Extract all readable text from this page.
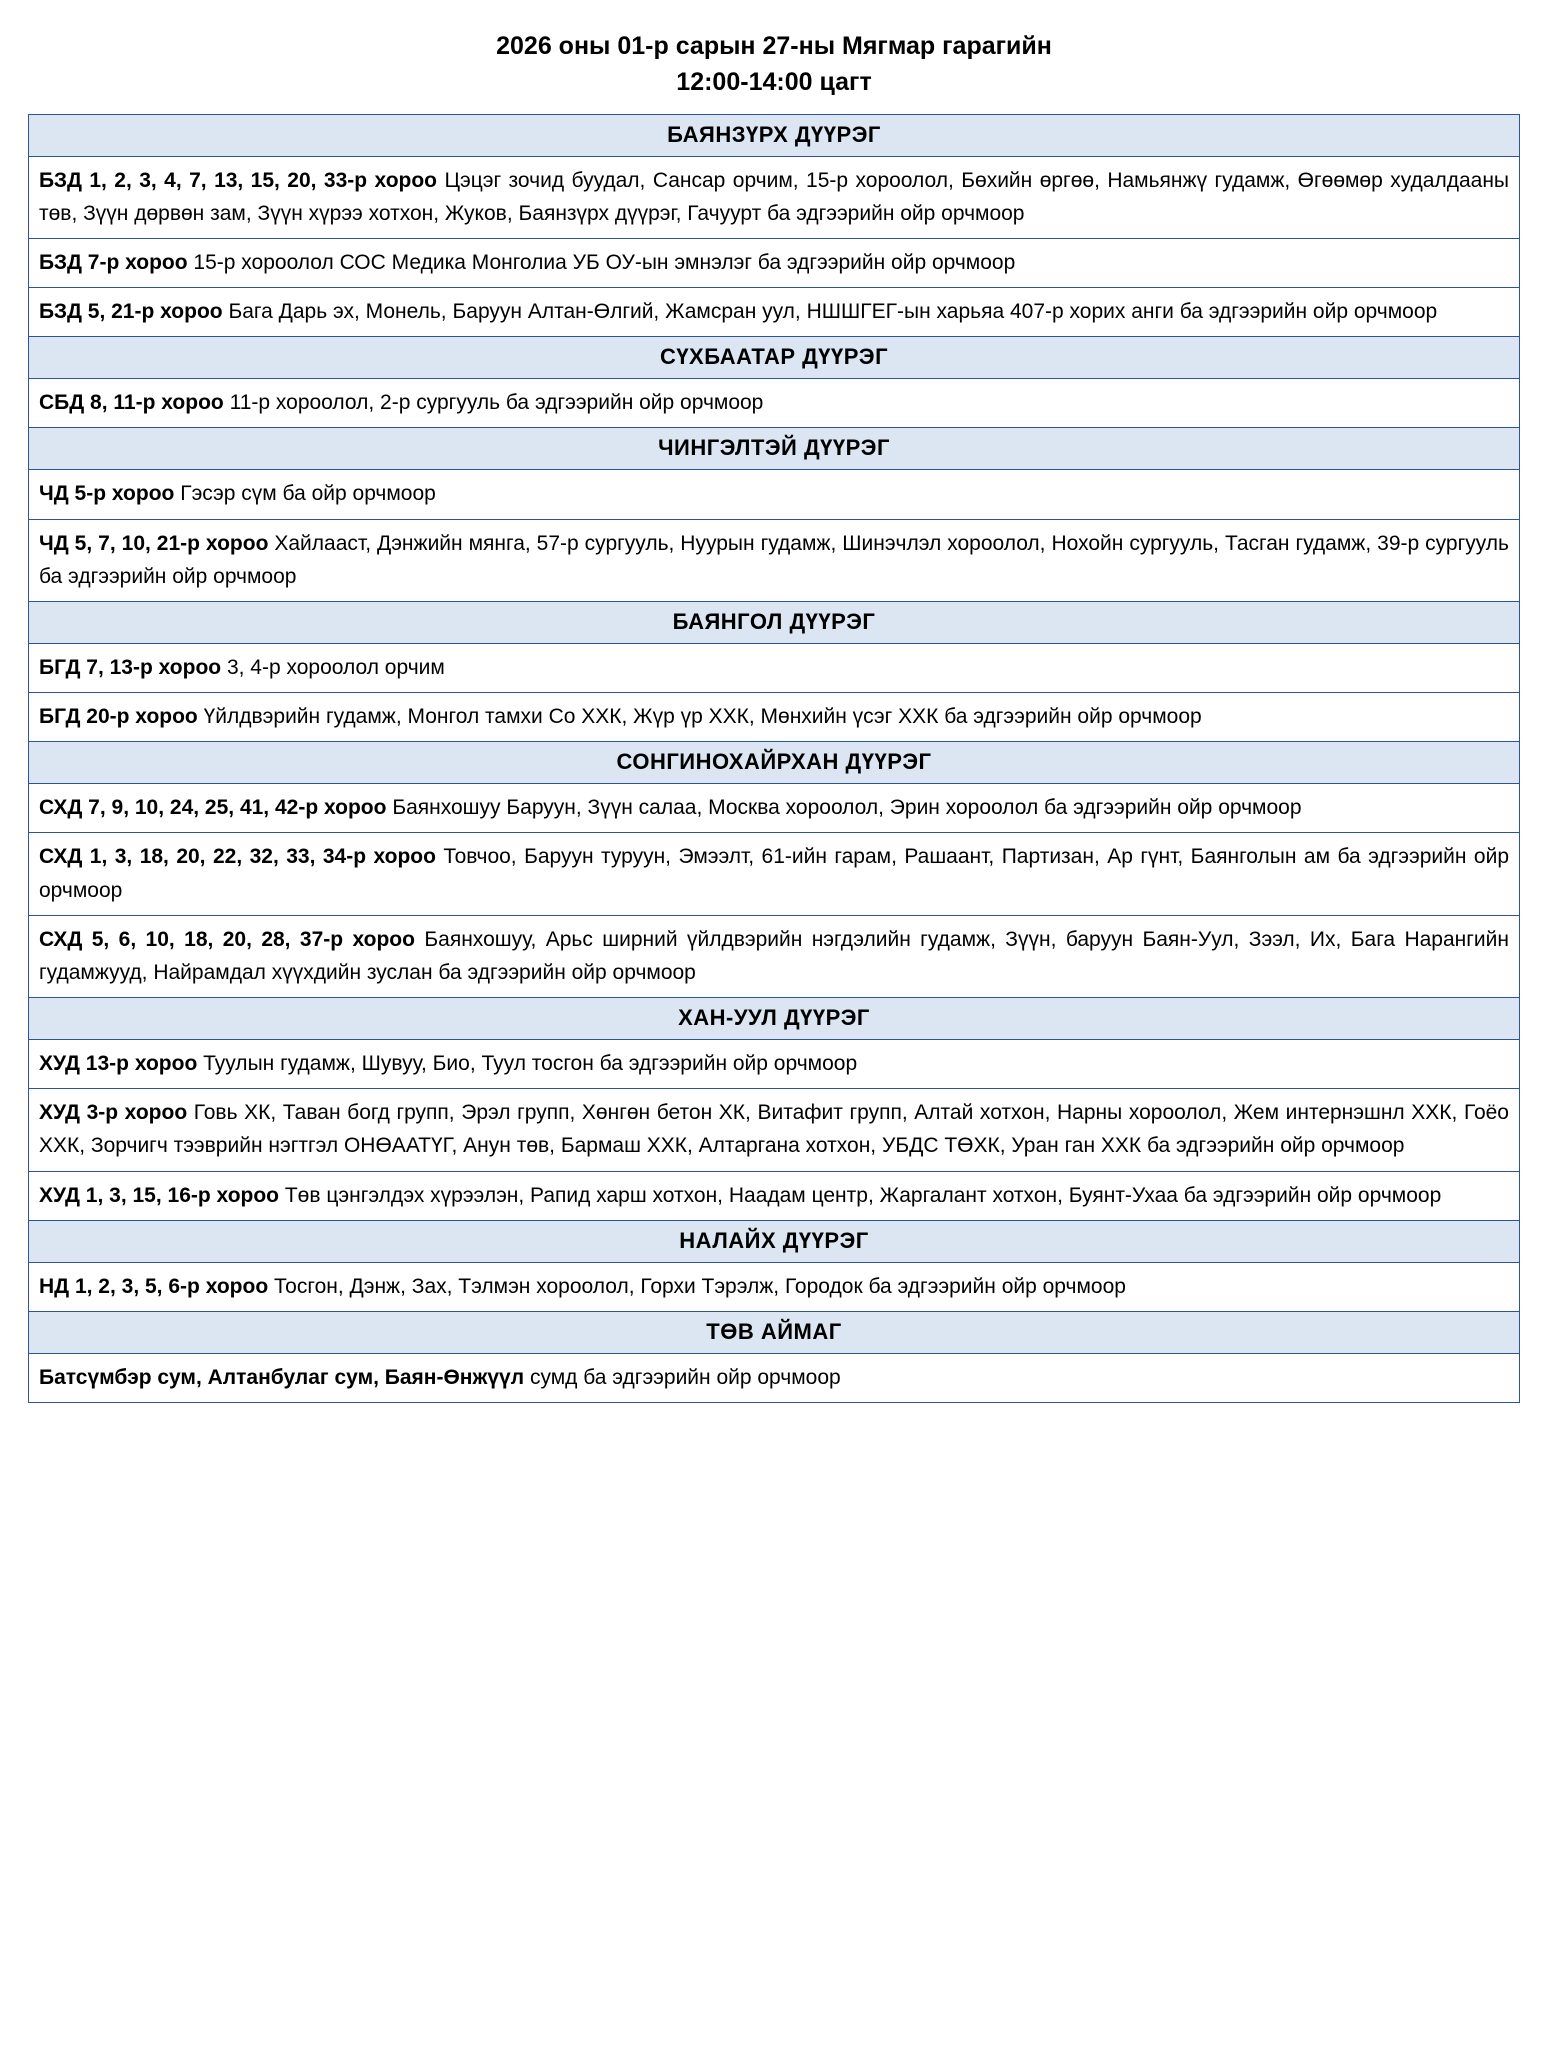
2026 оны 01-р сарын 27-ны Мягмар гарагийн
12:00-14:00 цагт
БАЯНЗҮРХ ДҮҮРЭГ
БЗД 1, 2, 3, 4, 7, 13, 15, 20, 33-р хороо Цэцэг зочид буудал, Сансар орчим, 15-р хороолол, Бөхийн өргөө, Намьянжү гудамж, Өгөөмөр худалдааны төв, Зүүн дөрвөн зам, Зүүн хүрээ хотхон, Жуков, Баянзүрх дүүрэг, Гачуурт ба эдгээрийн ойр орчмоор
БЗД 7-р хороо 15-р хороолол СОС Медика Монголиа УБ ОУ-ын эмнэлэг ба эдгээрийн ойр орчмоор
БЗД 5, 21-р хороо Бага Дарь эх, Монель, Баруун Алтан-Өлгий, Жамсран уул, НШШГЕГ-ын харьяа 407-р хорих анги ба эдгээрийн ойр орчмоор
СҮХБААТАР ДҮҮРЭГ
СБД 8, 11-р хороо 11-р хороолол, 2-р сургууль ба эдгээрийн ойр орчмоор
ЧИНГЭЛТЭЙ ДҮҮРЭГ
ЧД 5-р хороо Гэсэр сүм ба ойр орчмоор
ЧД 5, 7, 10, 21-р хороо Хайлааст, Дэнжийн мянга, 57-р сургууль, Нуурын гудамж, Шинэчлэл хороолол, Нохойн сургууль, Тасган гудамж, 39-р сургууль ба эдгээрийн ойр орчмоор
БАЯНГОЛ ДҮҮРЭГ
БГД 7, 13-р хороо 3, 4-р хороолол орчим
БГД 20-р хороо Үйлдвэрийн гудамж, Монгол тамхи Со ХХК, Жүр үр ХХК, Мөнхийн үсэг ХХК ба эдгээрийн ойр орчмоор
СОНГИНОХАЙРХАН ДҮҮРЭГ
СХД 7, 9, 10, 24, 25, 41, 42-р хороо Баянхошуу Баруун, Зүүн салаа, Москва хороолол, Эрин хороолол ба эдгээрийн ойр орчмоор
СХД 1, 3, 18, 20, 22, 32, 33, 34-р хороо Товчоо, Баруун туруун, Эмээлт, 61-ийн гарам, Рашаант, Партизан, Ар гүнт, Баянголын ам ба эдгээрийн ойр орчмоор
СХД 5, 6, 10, 18, 20, 28, 37-р хороо Баянхошуу, Арьс ширний үйлдвэрийн нэгдэлийн гудамж, Зүүн, баруун Баян-Уул, Зээл, Их, Бага Нарангийн гудамжууд, Найрамдал хүүхдийн зуслан ба эдгээрийн ойр орчмоор
ХАН-УУЛ ДҮҮРЭГ
ХУД 13-р хороо Туулын гудамж, Шувуу, Био, Туул тосгон ба эдгээрийн ойр орчмоор
ХУД 3-р хороо Говь ХК, Таван богд групп, Эрэл групп, Хөнгөн бетон ХК, Витафит групп, Алтай хотхон, Нарны хороолол, Жем интернэшнл ХХК, Гоёо ХХК, Зорчигч тээврийн нэгтгэл ОНӨААТҮГ, Анун төв, Бармаш ХХК, Алтаргана хотхон, УБДС ТӨХК, Уран ган ХХК ба эдгээрийн ойр орчмоор
ХУД 1, 3, 15, 16-р хороо Төв цэнгэлдэх хүрээлэн, Рапид харш хотхон, Наадам центр, Жаргалант хотхон, Буянт-Ухаа ба эдгээрийн ойр орчмоор
НАЛАЙХ ДҮҮРЭГ
НД 1, 2, 3, 5, 6-р хороо Тосгон, Дэнж, Зах, Тэлмэн хороолол, Горхи Тэрэлж, Городок ба эдгээрийн ойр орчмоор
ТӨВ АЙМАГ
Батсүмбэр сум, Алтанбулаг сум, Баян-Өнжүүл сумд ба эдгээрийн ойр орчмоор
